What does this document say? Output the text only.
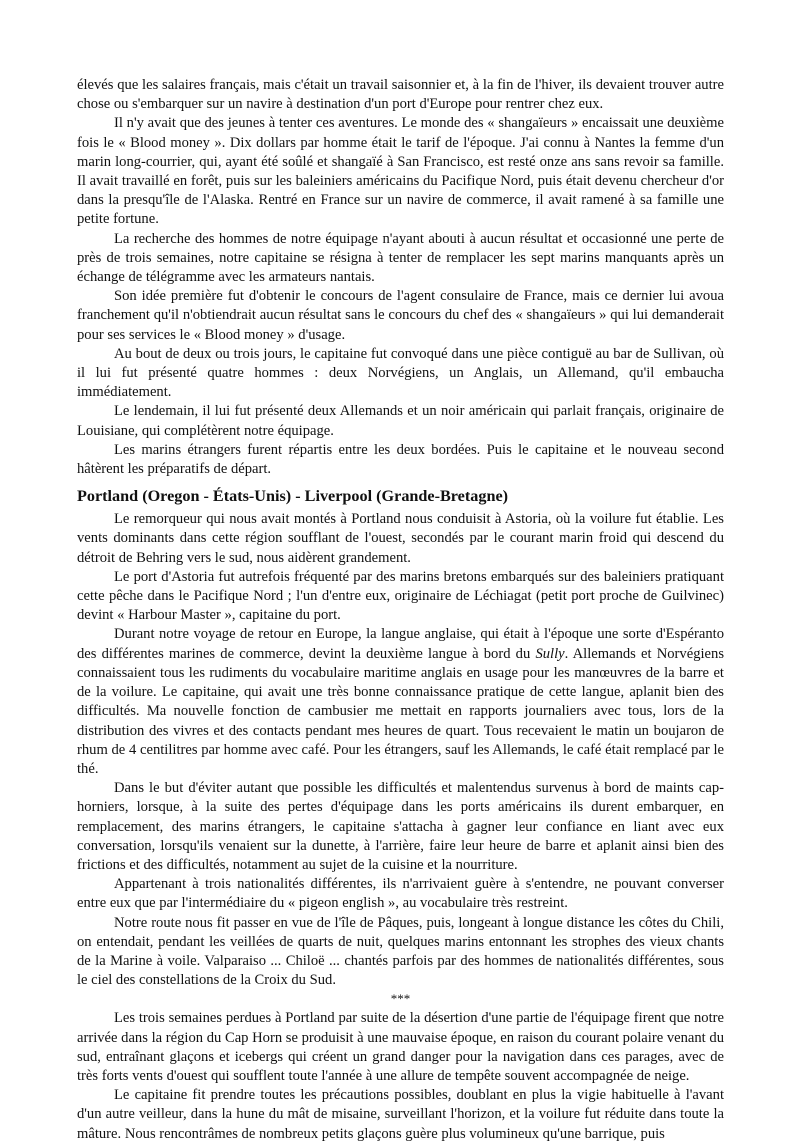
élevés que les salaires français, mais c'était un travail saisonnier et, à la fin de l'hiver, ils devaient trouver autre chose ou s'embarquer sur un navire à destination d'un port d'Europe pour rentrer chez eux.

Il n'y avait que des jeunes à tenter ces aventures. Le monde des « shangaïeurs » encaissait une deuxième fois le « Blood money ». Dix dollars par homme était le tarif de l'époque. J'ai connu à Nantes la femme d'un marin long-courrier, qui, ayant été soûlé et shangaïé à San Francisco, est resté onze ans sans revoir sa famille. Il avait travaillé en forêt, puis sur les baleiniers américains du Pacifique Nord, puis était devenu chercheur d'or dans la presqu'île de l'Alaska. Rentré en France sur un navire de commerce, il avait ramené à sa famille une petite fortune.

La recherche des hommes de notre équipage n'ayant abouti à aucun résultat et occasionné une perte de près de trois semaines, notre capitaine se résigna à tenter de remplacer les sept marins manquants après un échange de télégramme avec les armateurs nantais.

Son idée première fut d'obtenir le concours de l'agent consulaire de France, mais ce dernier lui avoua franchement qu'il n'obtiendrait aucun résultat sans le concours du chef des « shangaïeurs » qui lui demanderait pour ses services le « Blood money » d'usage.

Au bout de deux ou trois jours, le capitaine fut convoqué dans une pièce contiguë au bar de Sullivan, où il lui fut présenté quatre hommes : deux Norvégiens, un Anglais, un Allemand, qu'il embaucha immédiatement.

Le lendemain, il lui fut présenté deux Allemands et un noir américain qui parlait français, originaire de Louisiane, qui complétèrent notre équipage.

Les marins étrangers furent répartis entre les deux bordées. Puis le capitaine et le nouveau second hâtèrent les préparatifs de départ.

Portland (Oregon - États-Unis) - Liverpool (Grande-Bretagne)

Le remorqueur qui nous avait montés à Portland nous conduisit à Astoria, où la voilure fut établie. Les vents dominants dans cette région soufflant de l'ouest, secondés par le courant marin froid qui descend du détroit de Behring vers le sud, nous aidèrent grandement.

Le port d'Astoria fut autrefois fréquenté par des marins bretons embarqués sur des baleiniers pratiquant cette pêche dans le Pacifique Nord ; l'un d'entre eux, originaire de Léchiagat (petit port proche de Guilvinec) devint « Harbour Master », capitaine du port.

Durant notre voyage de retour en Europe, la langue anglaise, qui était à l'époque une sorte d'Espéranto des différentes marines de commerce, devint la deuxième langue à bord du Sully. Allemands et Norvégiens connaissaient tous les rudiments du vocabulaire maritime anglais en usage pour les manœuvres de la barre et de la voilure. Le capitaine, qui avait une très bonne connaissance pratique de cette langue, aplanit bien des difficultés. Ma nouvelle fonction de cambusier me mettait en rapports journaliers avec tous, lors de la distribution des vivres et des contacts pendant mes heures de quart. Tous recevaient le matin un boujaron de rhum de 4 centilitres par homme avec café. Pour les étrangers, sauf les Allemands, le café était remplacé par le thé.

Dans le but d'éviter autant que possible les difficultés et malentendus survenus à bord de maints cap-horniers, lorsque, à la suite des pertes d'équipage dans les ports américains ils durent embarquer, en remplacement, des marins étrangers, le capitaine s'attacha à gagner leur confiance en liant avec eux conversation, lorsqu'ils venaient sur la dunette, à l'arrière, faire leur heure de barre et aplanit ainsi bien des frictions et des difficultés, notamment au sujet de la cuisine et la nourriture.

Appartenant à trois nationalités différentes, ils n'arrivaient guère à s'entendre, ne pouvant converser entre eux que par l'intermédiaire du « pigeon english », au vocabulaire très restreint.

Notre route nous fit passer en vue de l'île de Pâques, puis, longeant à longue distance les côtes du Chili, on entendait, pendant les veillées de quarts de nuit, quelques marins entonnant les strophes des vieux chants de la Marine à voile. Valparaiso ... Chiloë ... chantés parfois par des hommes de nationalités différentes, sous le ciel des constellations de la Croix du Sud.

***

Les trois semaines perdues à Portland par suite de la désertion d'une partie de l'équipage firent que notre arrivée dans la région du Cap Horn se produisit à une mauvaise époque, en raison du courant polaire venant du sud, entraînant glaçons et icebergs qui créent un grand danger pour la navigation dans ces parages, avec de très forts vents d'ouest qui soufflent toute l'année à une allure de tempête souvent accompagnée de neige.

Le capitaine fit prendre toutes les précautions possibles, doublant en plus la vigie habituelle à l'avant d'un autre veilleur, dans la hune du mât de misaine, surveillant l'horizon, et la voilure fut réduite dans toute la mâture. Nous rencontrâmes de nombreux petits glaçons guère plus volumineux qu'une barrique, puis
